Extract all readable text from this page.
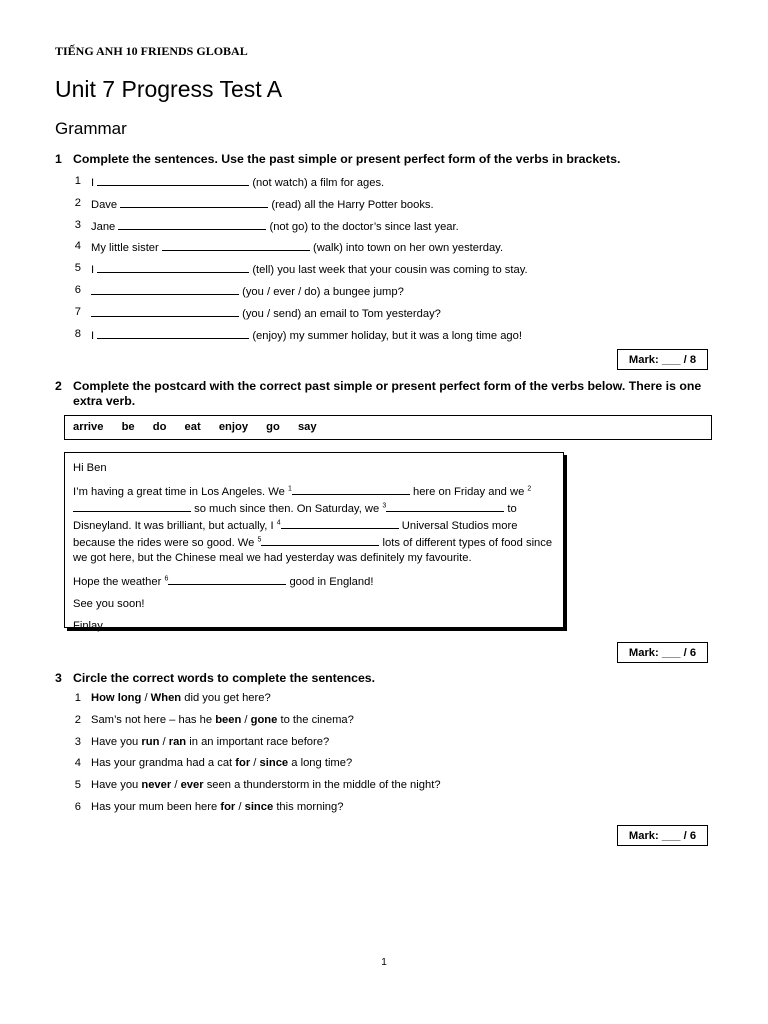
TIẾNG ANH 10 FRIENDS GLOBAL
Unit 7 Progress Test A
Grammar
1 Complete the sentences. Use the past simple or present perfect form of the verbs in brackets.
1 I	(not watch) a film for ages.
2 Dave	(read) all the Harry Potter books.
3 Jane	(not go) to the doctor’s since last year.
4 My little sister	(walk) into town on her own yesterday.
5 I	(tell) you last week that your cousin was coming to stay.
6	(you / ever / do) a bungee jump?
7	(you / send) an email to Tom yesterday?
8 I	(enjoy) my summer holiday, but it was a long time ago!
Mark: ___ / 8
2 Complete the postcard with the correct past simple or present perfect form of the verbs below. There is one extra verb.
arrive be do eat enjoy go say

Hi Ben

I’m having a great time in Los Angeles. We $^1$	here on Friday and we $^2$ so much since then. On Saturday, we $^3$	to Disneyland. It was brilliant, but actually, I $^4$	Universal Studios more because the rides were so good. We $^5$	lots of different types of food since we got here, but the Chinese meal we had yesterday was definitely my favourite.

Hope the weather $^6$	good in England!

See you soon!

Finlay

Mark: ___ / 6
3 Circle the correct words to complete the sentences.
1 How long / When did you get here?
2 Sam’s not here – has he been / gone to the cinema?
3 Have you run / ran in an important race before?
4 Has your grandma had a cat for / since a long time?
5 Have you never / ever seen a thunderstorm in the middle of the night?
6 Has your mum been here for / since this morning?
Mark: ___ / 6
1
